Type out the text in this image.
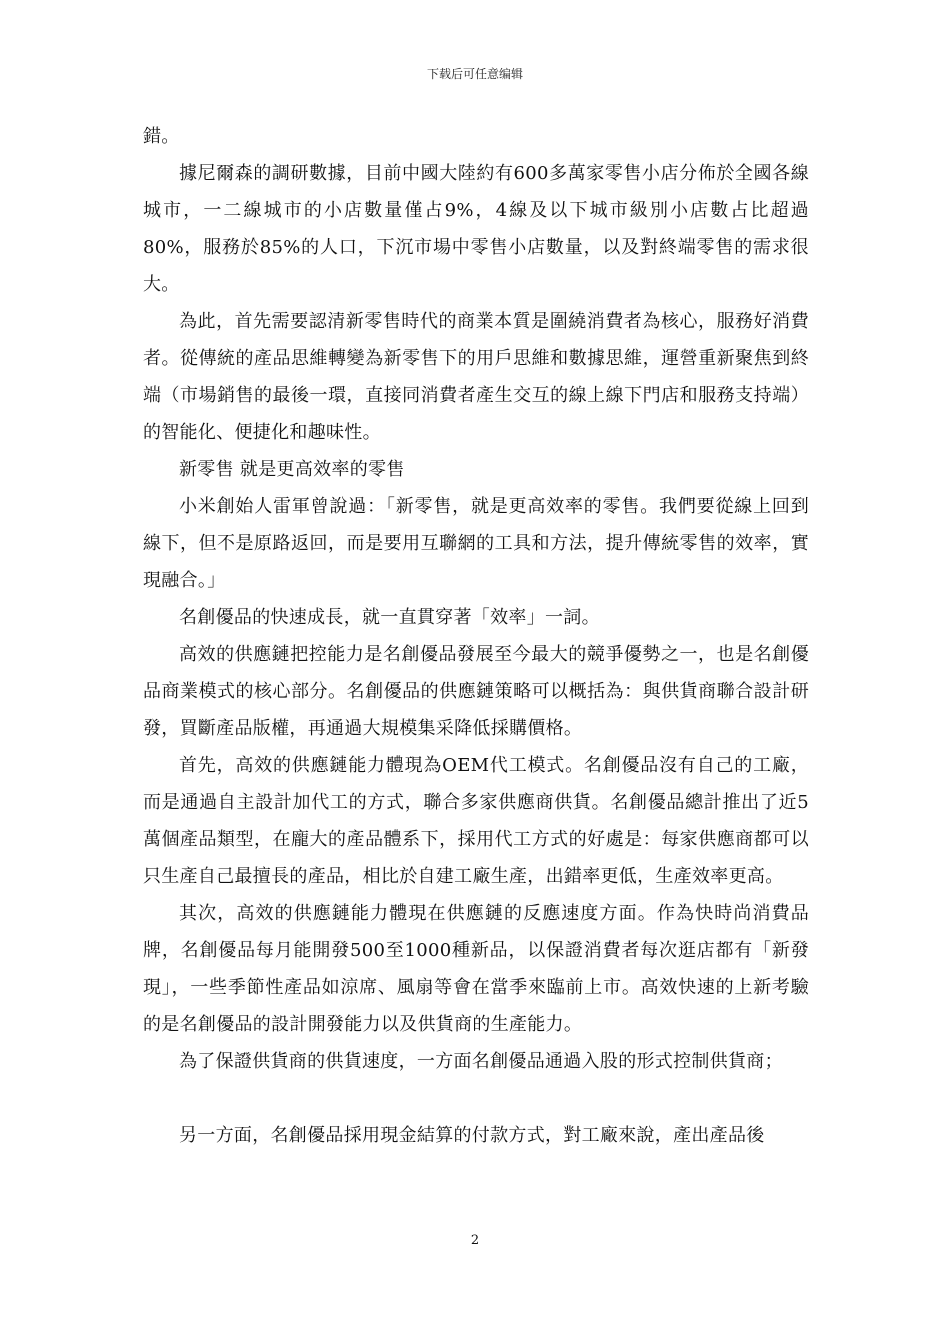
下载后可任意编辑

錯。

據尼爾森的調研數據，目前中國大陸約有600多萬家零售小店分佈於全國各線城市，一二線城市的小店數量僅占9%，4線及以下城市級別小店數占比超過80%，服務於85%的人口，下沉市場中零售小店數量，以及對終端零售的需求很大。

為此，首先需要認清新零售時代的商業本質是圍繞消費者為核心，服務好消費者。從傳統的產品思維轉變為新零售下的用戶思維和數據思維，運營重新聚焦到終端（市場銷售的最後一環，直接同消費者產生交互的線上線下門店和服務支持端）的智能化、便捷化和趣味性。

新零售 就是更高效率的零售

小米創始人雷軍曾說過：「新零售，就是更高效率的零售。我們要從線上回到線下，但不是原路返回，而是要用互聯網的工具和方法，提升傳統零售的效率，實現融合。」

名創優品的快速成長，就一直貫穿著「效率」一詞。

高效的供應鏈把控能力是名創優品發展至今最大的競爭優勢之一，也是名創優品商業模式的核心部分。名創優品的供應鏈策略可以概括為：與供貨商聯合設計研發，買斷產品版權，再通過大規模集采降低採購價格。

首先，高效的供應鏈能力體現為OEM代工模式。名創優品沒有自己的工廠，而是通過自主設計加代工的方式，聯合多家供應商供貨。名創優品總計推出了近5萬個產品類型，在龐大的產品體系下，採用代工方式的好處是：每家供應商都可以只生產自己最擅長的產品，相比於自建工廠生產，出錯率更低，生產效率更高。

其次，高效的供應鏈能力體現在供應鏈的反應速度方面。作為快時尚消費品牌，名創優品每月能開發500至1000種新品，以保證消費者每次逛店都有「新發現」，一些季節性產品如涼席、風扇等會在當季來臨前上市。高效快速的上新考驗的是名創優品的設計開發能力以及供貨商的生產能力。

為了保證供貨商的供貨速度，一方面名創優品通過入股的形式控制供貨商；

另一方面，名創優品採用現金結算的付款方式，對工廠來說，產出產品後

2
